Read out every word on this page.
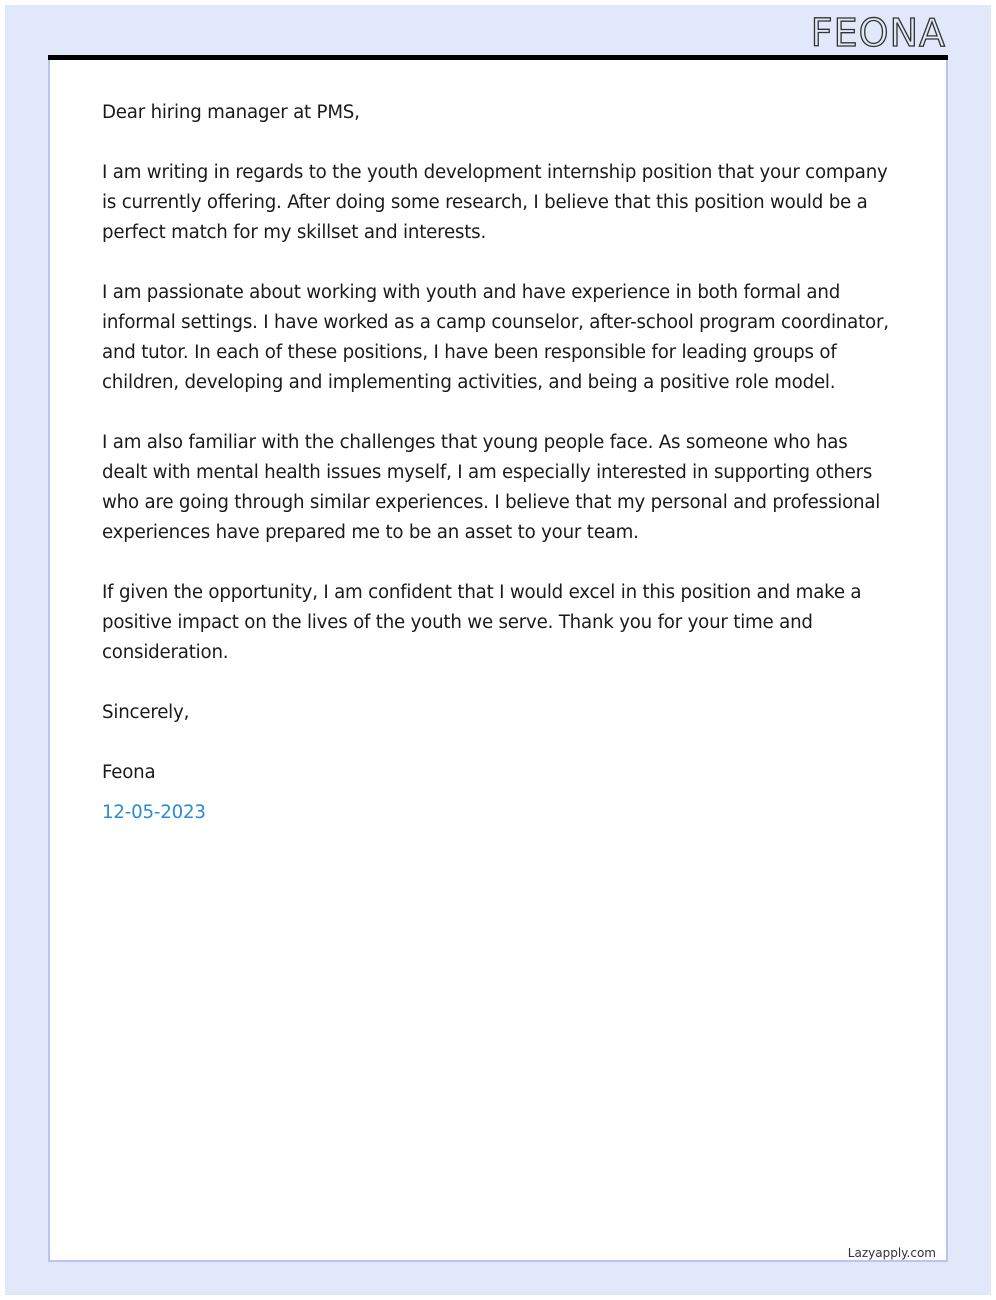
FEONA

Dear hiring manager at PMS,

I am writing in regards to the youth development internship position that your company is currently offering. After doing some research, I believe that this position would be a perfect match for my skillset and interests.

I am passionate about working with youth and have experience in both formal and informal settings. I have worked as a camp counselor, after-school program coordinator, and tutor. In each of these positions, I have been responsible for leading groups of children, developing and implementing activities, and being a positive role model.

I am also familiar with the challenges that young people face. As someone who has dealt with mental health issues myself, I am especially interested in supporting others who are going through similar experiences. I believe that my personal and professional experiences have prepared me to be an asset to your team.

If given the opportunity, I am confident that I would excel in this position and make a positive impact on the lives of the youth we serve. Thank you for your time and consideration.

Sincerely,

Feona

12-05-2023

Lazyapply.com
